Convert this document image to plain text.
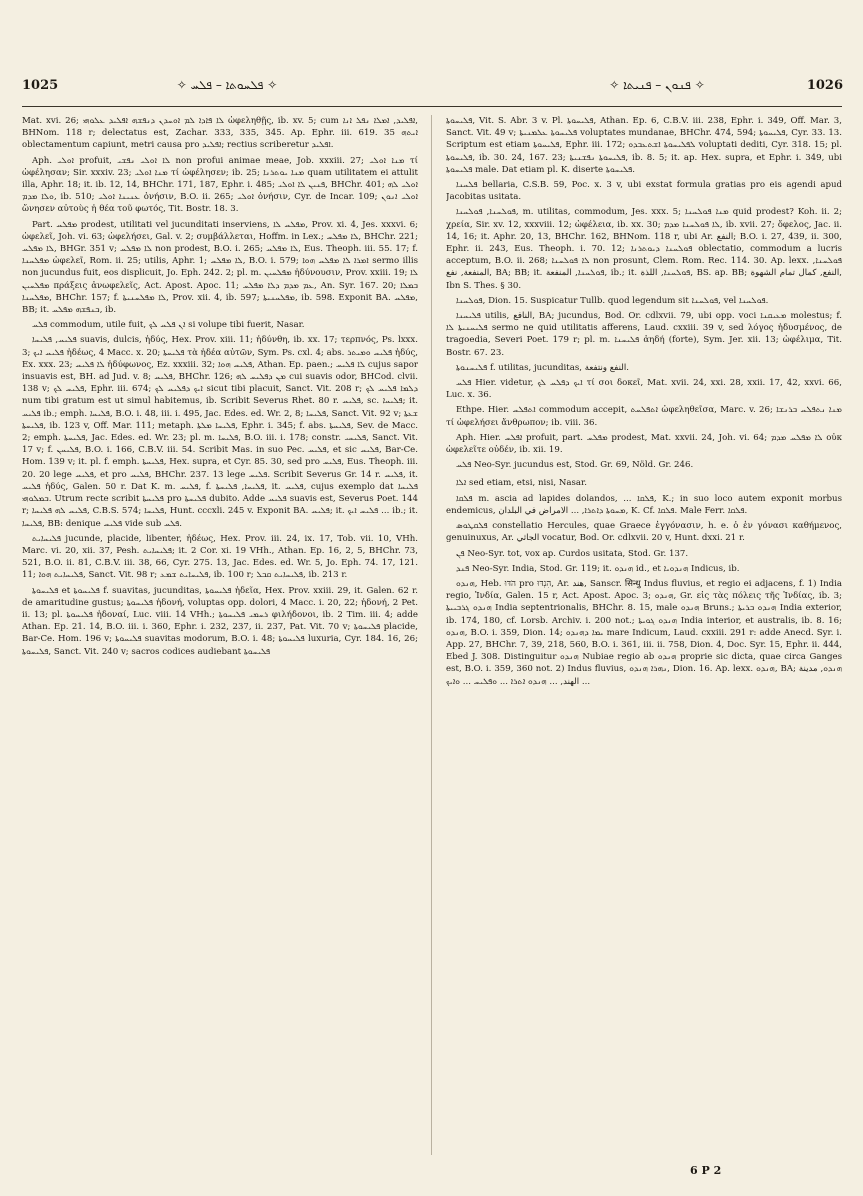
1025	✧ ܦܠܚܘܬܐ – ܦܠܚ ✧	✧ ܦܢܘܢ – ܦܢܝܬܐ ✧	1026

Mat. xvi. 26; ܠܐ ܦܐܕܐ ܠܡ ܐܘܚܕܢ ܕܢܦܫܗ ܐܦܠܝܕ ܥܠܘܗܝ ὠφεληθῇς, ib. xv. 5; cum ܐܦܠܝܕ, ܐܡܠܐ ܢܦܠ ܐܢܐ, BHNom. 118 r; delectatus est, Zachar. 333, 335, 345. Ap. Ephr. iii. 619. 35 ܐܝܬܗ oblectamentum capiunt, metri causa pro ܐܦܠܝܕ; rectius scriberetur ܐܦܠܝܕ.

Aph. ܐܘܠܝ profuit, ܠܐ ܐܘܠܝ ܢܦܫܝ non profui animae meae, Job. xxxiii. 27; ܡܢܐ ܐܘܠܝ τί ὠφέλησαν; Sir. xxxiv. 23; ܡܢܐ ܐܘܠܝ τί ὠφέλησεν; ib. 25; ܡܢܐ ܝܘܬܪܢܐ quam utilitatem ei attulit illa, Aphr. 18; it. ib. 12, 14, BHChr. 171, 187, Ephr. i. 485; ܦܢܝܢ ܠܐ ܐܘܠܝ, BHChr. 401; ܐܘܠܝ ܠܗ ܘܠܐ ܡܕܡ, ib. 510; ܥܢܝܢܐ ܐܘܠܝ ὀνήσιν, B.O. ii. 265; ܐܘܠܝ ὀνήσιν, Cyr. de Incar. 109; ܐܘܠܝ ܐܢܘܢ ὤνησεν αὐτοὺς ἡ θέα τοῦ φωτός, Tit. Bostr. 18. 3.

Part. ܡܦܠܚ prodest, utilitati vel jucunditati inserviens, ܡܦܠܚ ܠܐ, Prov. xi. 4, Jes. xxxvi. 6; ὠφελεῖ, Joh. vi. 63; ὠφελήσει, Gal. v. 2; συμβάλλεται, Hoffm. in Lex.; ܠܐ ܡܦܠܚ, BHChr. 221; ܠܐ ܡܦܠܚ, BHGr. 351 v; ܠܐ ܡܦܠܚ non prodest, B.O. i. 265; ܠܐ ܡܦܠܚ, Eus. Theoph. iii. 55. 17; f. ܡܦܠܚܢܐ ὠφελεῖ, Rom. ii. 25; utilis, Aphr. 1; ܠܐ ܡܦܠܚ, B.O. i. 579; ܐܡܪܐ ܠܐ ܡܦܠܚ ܗܘܐ sermo illis non jucundus fuit, eos displicuit, Jo. Eph. 242. 2; pl. m. ܡܦܠܚܝܢ ἡδύνουσιν, Prov. xxiii. 19; ܠܐ ܡܦܠܚܝܢ πράξεις ἀνωφελεῖς, Act. Apost. Apoc. 11; ܥܡ ܡܕܡ ܕܠܐ ܡܦܠܚ, An. Syr. 167. 20; ܒܡܠܐ ܡܦܠܚܢܐ, BHChr. 157; f. ܠܐ ܡܦܠܚܢܝܬܐ, Prov. xii. 4, ib. 597; ܡܦܠܚܢܝܬܐ, ib. 598. Exponit BA. ܡܦܠܚ, BB; it. ܒܢܦܫܗ ܡܦܠܚ, ib.

ܦܠܚ commodum, utile fuit, ܐܢ ܦܠܚ ܠܟ si volupe tibi fuerit, Nasar.

ܦܠܝܚ, ܦܠܝܚܐ suavis, dulcis, ἡδύς, Hex. Prov. xiii. 11; ἡδύνθη, ib. xx. 17; τερπνός, Ps. lxxx. 3; ܦܠܝܚ ܐܝܟ ἡδέως, 4 Macc. x. 20; ܦܠܝܚܬܐ τὰ ἡδέα αὐτῶν, Sym. Ps. cxl. 4; abs. ܦܠܝܚ ܘܡܝܬܪ ἡδύς, Ex. xxx. 23; ܠܐ ܦܠܝܚ ἡδύφωνος, Ez. xxxiii. 32; ܦܠܝܚ ܗܘܐ, Athan. Ep. paen.; ܠܐ ܦܠܝܚ cujus sapor insuavis est, BH. ad Jud. v. 8; ܦܠܝܚ, BHChr. 126; ܡܢ ܕܦܠܝܚ ܠܗ cui suavis odor, BHCod. clvii. 138 v; ܦܠܝܚ ܠܟ, Ephr. iii. 674; ܐܝܟ ܕܦܠܝܚ ܠܟ sicut tibi placuit, Sanct. Vit. 208 r; ܕܠܡܐ ܦܠܝܚ ܠܟ num tibi gratum est ut simul habitemus, ib. Scribit Severus Rhet. 80 r. ܦܠܝܚ, sc. ܦܠܝܚܐ; it. ܦܠܝܚ ib.; emph. ܦܠܝܚܐ, B.O. i. 48, iii. i. 495, Jac. Edes. ed. Wr. 2, 8; ܦܠܝܚܐ, Sanct. Vit. 92 v; ܫܥܬܐ ܦܠܝܚܬܐ, ib. 123 v, Off. Mar. 111; metaph. ܦܠܝܚܐ ܡܠܬܐ, Ephr. i. 345; f. abs. ܦܠܝܚܬܐ, Sev. de Macc. 2; emph. ܦܠܝܚܬܐ, Jac. Edes. ed. Wr. 23; pl. m. ܦܠܝܚܐ, B.O. iii. i. 178; constr. ܦܠܝܚܝ, Sanct. Vit. 17 v; f. ܦܠܝܚܢ, B.O. i. 166, C.B.V. iii. 54. Scribit Mas. in suo Pec. ܦܠܝܚ, et sic ܦܠܝܚ, Bar-Ce. Hom. 139 v; it. pl. f. emph. ܦܠܝܚܬܐ, Hex. supra, et Cyr. 85. 30, sed pro ܦܠܝܚ, Eus. Theoph. iii. 20. 20 lege ܦܠܝܚ, et pro ܦܠܝܚ, BHChr. 237. 13 lege ܦܠܝܚ. Scribit Severus Gr. 14 r. ܦܠܝܚ, it. ܦܠܝܚ ἡδύς, Galen. 50 r. Dat K. m. ܦܠܝܚ, f. ܦܠܝܚܐ, ܦܠܝܚܬܐ, it. ܦܠܝܚ, cujus exemplo dat ܦܠܝܚܐ ܒܡܠܘܗܝ. Utrum recte scribit ܦܠܝܚܬܐ pro ܦܠܝܚܬܐ dubito. Adde ܦܠܝܚ suavis est, Severus Poet. 144 r; ܦܠܝܚ ܠܗ ܦܠܝܚܐ, C.B.S. 574; ܦܠܝܚܐ, Hunt. cccxli. 245 v. Exponit BA. ܦܠܝܚ; it. ܦܠܝܚ ܐܝܟ ... ib.; it. ܦܠܝܚܐ, BB: denique ܦܠܝܚ vide sub ܦܠܚ.

ܦܠܝܚܐܝܬ jucunde, placide, libenter, ἡδέως, Hex. Prov. iii. 24, ix. 17, Tob. vii. 10, VHh. Marc. vi. 20, xii. 37, Pesh. ܦܠܝܚܐܝܬ; it. 2 Cor. xi. 19 VHh., Athan. Ep. 16, 2, 5, BHChr. 73, 521, B.O. ii. 81, C.B.V. iii. 38, 66, Cyr. 275. 13, Jac. Edes. ed. Wr. 5, Jo. Eph. 74. 17, 121. 11; ܦܠܝܚܐܝܬ ܗܘܐ, Sanct. Vit. 98 r; ܦܠܝܚܐܝܬ ܫܡܥ, ib. 100 r; ܦܠܝܚܐܝܬ ܩܒܠ, ib. 213 r.

ܦܠܝܚܘܬܐ et ܦܠܝܚܘܬܐ f. suavitas, jucunditas, ܦܠܝܚܘܬܐ ἡδεῖα, Hex. Prov. xxiii. 29, it. Galen. 62 r. de amaritudine gustus; ܦܠܝܚܘܬܐ ἡδονή, voluptas opp. dolori, 4 Macc. i. 20, 22; ἡδονή, 2 Pet. ii. 13; pl. ܦܠܝܚܘܬܐ ἡδοναί, Luc. viii. 14 VHh.; ܪܚܡܝ ܦܠܝܚܘܬܐ φιλήδονοι, ib. 2 Tim. iii. 4; adde Athan. Ep. 21. 14, B.O. iii. i. 360, Ephr. i. 232, 237, ii. 237, Pat. Vit. 70 v; ܦܠܝܚܘܬܐ placide, Bar-Ce. Hom. 196 v; ܦܠܝܚܘܬܐ suavitas modorum, B.O. i. 48; ܦܠܝܚܘܬܐ luxuria, Cyr. 184. 16, 26; ܦܠܝܚܘܬܐ, Sanct. Vit. 240 v; sacros codices audiebant ܦܠܝܚܘܬܐ

ܦܠܝܚܘܬܐ, Vit. S. Abr. 3 v. Pl. ܦܠܝܚܘܬܐ, Athan. Ep. 6, C.B.V. iii. 238, Ephr. i. 349, Off. Mar. 3, Sanct. Vit. 49 v; ܦܠܝܚܘܬܐ ܥܠܡܢܝܬܐ voluptates mundanae, BHChr. 474, 594; ܦܠܝܚܘܬܐ, Cyr. 33. 13. Scriptum est etiam ܦܠܝܚܘܬܐ, Ephr. iii. 172; ܠܦܠܝܚܘܬܐ ܐܫܬܥܒܕܘ voluptati dediti, Cyr. 318. 15; pl. ܦܠܝܚܘܬܐ, ib. 30. 24, 167. 23; ܦܠܝܚܘܬܐ ܢܦܫܢܝܬܐ, ib. 8. 5; it. ap. Hex. supra, et Ephr. i. 349, ubi ܦܠܝܚܘܬܐ male. Dat etiam pl. K. diserte ܦܠܝܚܘܬܐ.

ܦܠܚܢܐ bellaria, C.S.B. 59, Poc. x. 3 v, ubi exstat formula gratias pro eis agendi apud Jacobitas usitata.

ܦܘܠܚܢܐ, ܦܘܠܚܢܐ, m. utilitas, commodum, Jes. xxx. 5; ܡܢܐ ܦܘܠܚܢܐ quid prodest? Koh. ii. 2; χρεία, Sir. xv. 12, xxxviii. 12; ὠφέλεια, ib. xx. 30; ܠܐ ܦܘܠܚܢܐ ܡܕܡ, ib. xvii. 27; ὄφελος, Jac. ii. 14, 16; it. Aphr. 20, 13, BHChr. 162, BHNom. 118 r, ubi Ar. النفع; B.O. i. 27, 439, ii. 300, Ephr. ii. 243, Eus. Theoph. i. 70. 12; ܦܘܠܚܢܐ ܕܝܘܬܪܢܐ oblectatio, commodum a lucris acceptum, B.O. ii. 268; ܠܐ ܦܘܠܚܢܐ non prosunt, Clem. Rom. Rec. 114. 30. Ap. lexx. ܦܘܠܚܢܐ, المنفعة, نفع, BA; BB; it. ܦܘܠܚܢܐ, المنفعة, ib.; it. ܦܘܠܚܢܐ, اللذة, BS. ap. BB; النفع, كمال تمام الشهوة, Ibn S. Thes. § 30.

ܦܘܠܚܢܐ, Dion. 15. Suspicatur Tullb. quod legendum sit ܦܘܠܚܢܐ, vel ܦܘܠܚܢܐ.

ܦܠܝܚܢܐ utilis, النافع, BA; jucundus, Bod. Or. cdlxvii. 79, ubi opp. voci ܡܥܝܩܢܐ molestus; f. ܦܠܝܚܢܝܬܐ ܠܐ sermo ne quid utilitatis afferens, Laud. cxxiii. 39 v, sed λόγος ἡδυσμένος, de tragoedia, Severi Poet. 179 r; pl. m. ܦܠܝܚܢܐ ἀηδή (forte), Sym. Jer. xii. 13; ὠφέλιμα, Tit. Bostr. 67. 23.

ܦܠܝܚܢܘܬܐ f. utilitas, jucunditas, النفع ونتفعة.

ܦܠܚ Hier. videtur, ܐܝܟ ܕܦܠܚ ܠܟ τί σοι δοκεῖ, Mat. xvii. 24, xxi. 28, xxii. 17, 42, xxvi. 66, Luc. x. 36.

Ethpe. Hier. ܐܬܦܠܚ commodum accepit, ܐܬܦܠܚܬ ὠφεληθεῖσα, Marc. v. 26; ܡܢܐ ܢܬܦܠܚ ܒܪܢܫܐ τί ὠφελήσει ἄνθρωπον; ib. viii. 36.

Aph. Hier. ܐܦܠܚ profuit, part. ܡܦܠܚ prodest, Mat. xxvii. 24, Joh. vi. 64; ܠܐ ܡܦܠܚ ܡܕܡ οὐκ ὠφελεῖτε οὐδέν, ib. xii. 19.

ܦܠܚ Neo-Syr. jucundus est, Stod. Gr. 69, Nöld. Gr. 246.

ܐܠܐ sed etiam, etsi, nisi, Nasar.

ܦܠܩܐ m. ascia ad lapides dolandos, ... ܦܠܩܐ, K.; in suo loco autem exponit morbus endemicus, ܡܚܘܬܐ ܕܐܬܪܐ, ... الامراض في البلدان, K. Cf. ܦܠܩܐ. Male Ferr. ܦܠܩܐ.

ܦܠܩܛܘܣ constellatio Hercules, quae Graece ἐγγόνασιν, h. e. ὁ ἐν γόνασι καθήμενος, genuinuxus, Ar. الجاثي vocatur, Bod. Or. cdlxvii. 20 v, Hunt. dxxi. 21 r.

ܦܢ Neo-Syr. tot, vox ap. Curdos usitata, Stod. Gr. 137.

ܦܢܕ Neo-Syr. India, Stod. Gr. 119; it. ܗܢܕܘ id., et ܗܢܕܘܝܐ Indicus, ib.

ܗܢܕܘ, Heb. הֹדּוּ pro הִנְדּוּ, Ar. هند, Sanscr. सिन्धु Indus fluvius, et regio ei adjacens, f. 1) India regio, Ἰνδία, Galen. 15 r, Act. Apost. Apoc. 3; ܗܢܕܘ, Gr. εἰς τὰς πόλεις τῆς Ἰνδίας, ib. 3; ܗܢܕܘ ܓܪܒܝܝܬܐ India septentrionalis, BHChr. 8. 15, male ܗܢܕܘ Bruns.; ܗܢܕܘ ܒܪܝܬܐ India exterior, ib. 174, 180, cf. Lorsb. Archiv. i. 200 not.; ܗܢܕܘ ܓܘܝܬܐ India interior, et australis, ib. 8. 16; ܗܢܕܘ, B.O. i. 359, Dion. 14; ܝܡܐ ܕܗܢܕܘ mare Indicum, Laud. cxxiii. 291 r: adde Anecd. Syr. i. App. 27, BHChr. 7, 39, 218, 560, B.O. i. 361, iii. ii. 758, Dion. 4, Doc. Syr. 15, Ephr. ii. 444, Ebed J. 308. Distinguitur ܗܢܕܘ Nubiae regio ab ܗܢܕܘ proprie sic dicta, quae circa Ganges est, B.O. i. 359, 360 not. 2) Indus fluvius, ܢܗܪܐ ܗܢܕܘ, Dion. 16. Ap. lexx. ܗܢܕܘ, BA; ܗܢܕܘ, مدينة الهند, ... ܗܢܕܘ ܐܬܪܐ ... ܘܦܠܝܚ ... ܘܐܝܟ ...

6 P 2
